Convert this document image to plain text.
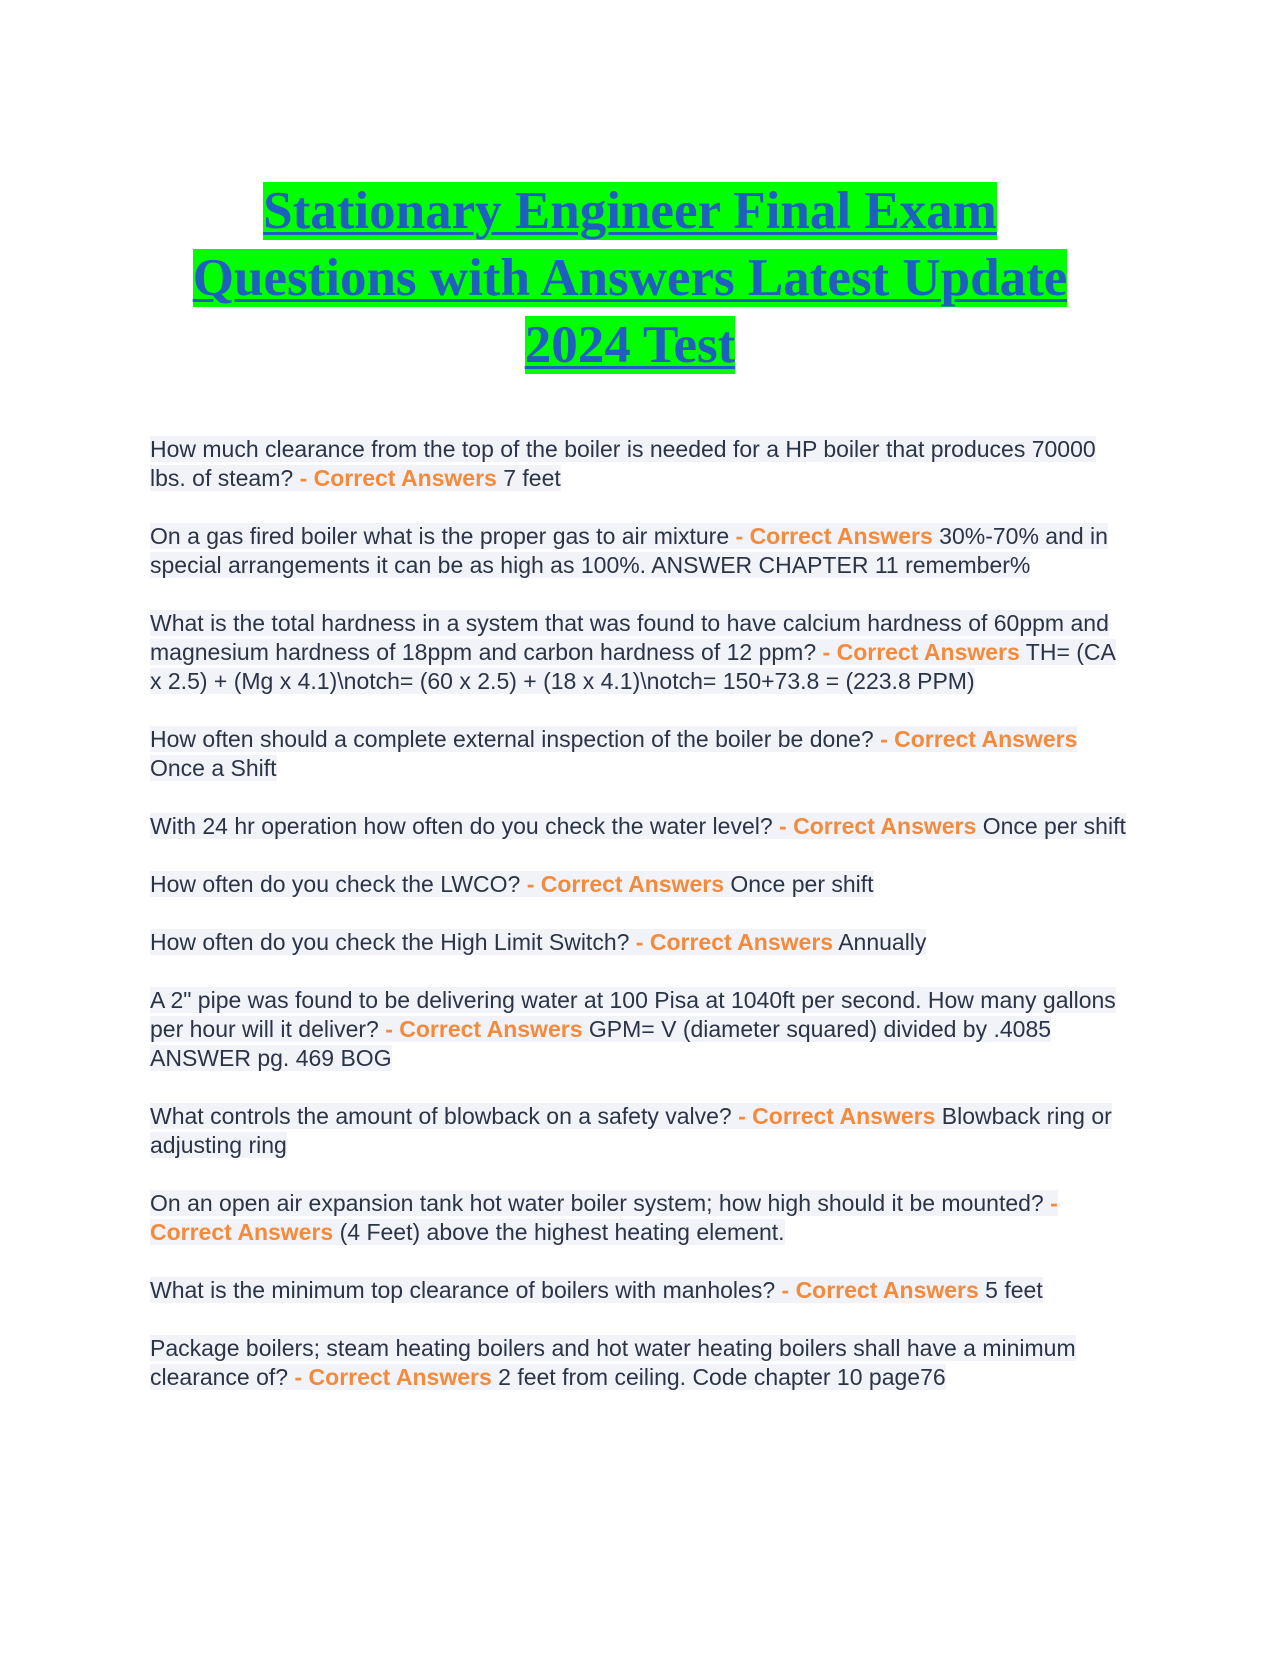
Stationary Engineer Final Exam
Questions with Answers Latest Update
2024 Test

How much clearance from the top of the boiler is needed for a HP boiler that produces 70000 lbs. of steam? - Correct Answers 7 feet

On a gas fired boiler what is the proper gas to air mixture - Correct Answers 30%-70% and in special arrangements it can be as high as 100%. ANSWER CHAPTER 11 remember%

What is the total hardness in a system that was found to have calcium hardness of 60ppm and magnesium hardness of 18ppm and carbon hardness of 12 ppm? - Correct Answers TH= (CA x 2.5) + (Mg x 4.1)\notch= (60 x 2.5) + (18 x 4.1)\notch= 150+73.8 = (223.8 PPM)

How often should a complete external inspection of the boiler be done? - Correct Answers Once a Shift

With 24 hr operation how often do you check the water level? - Correct Answers Once per shift

How often do you check the LWCO? - Correct Answers Once per shift

How often do you check the High Limit Switch? - Correct Answers Annually

A 2" pipe was found to be delivering water at 100 Pisa at 1040ft per second. How many gallons per hour will it deliver? - Correct Answers GPM= V (diameter squared) divided by .4085 ANSWER pg. 469 BOG

What controls the amount of blowback on a safety valve? - Correct Answers Blowback ring or adjusting ring

On an open air expansion tank hot water boiler system; how high should it be mounted? - Correct Answers (4 Feet) above the highest heating element.

What is the minimum top clearance of boilers with manholes? - Correct Answers 5 feet

Package boilers; steam heating boilers and hot water heating boilers shall have a minimum clearance of? - Correct Answers 2 feet from ceiling. Code chapter 10 page76
